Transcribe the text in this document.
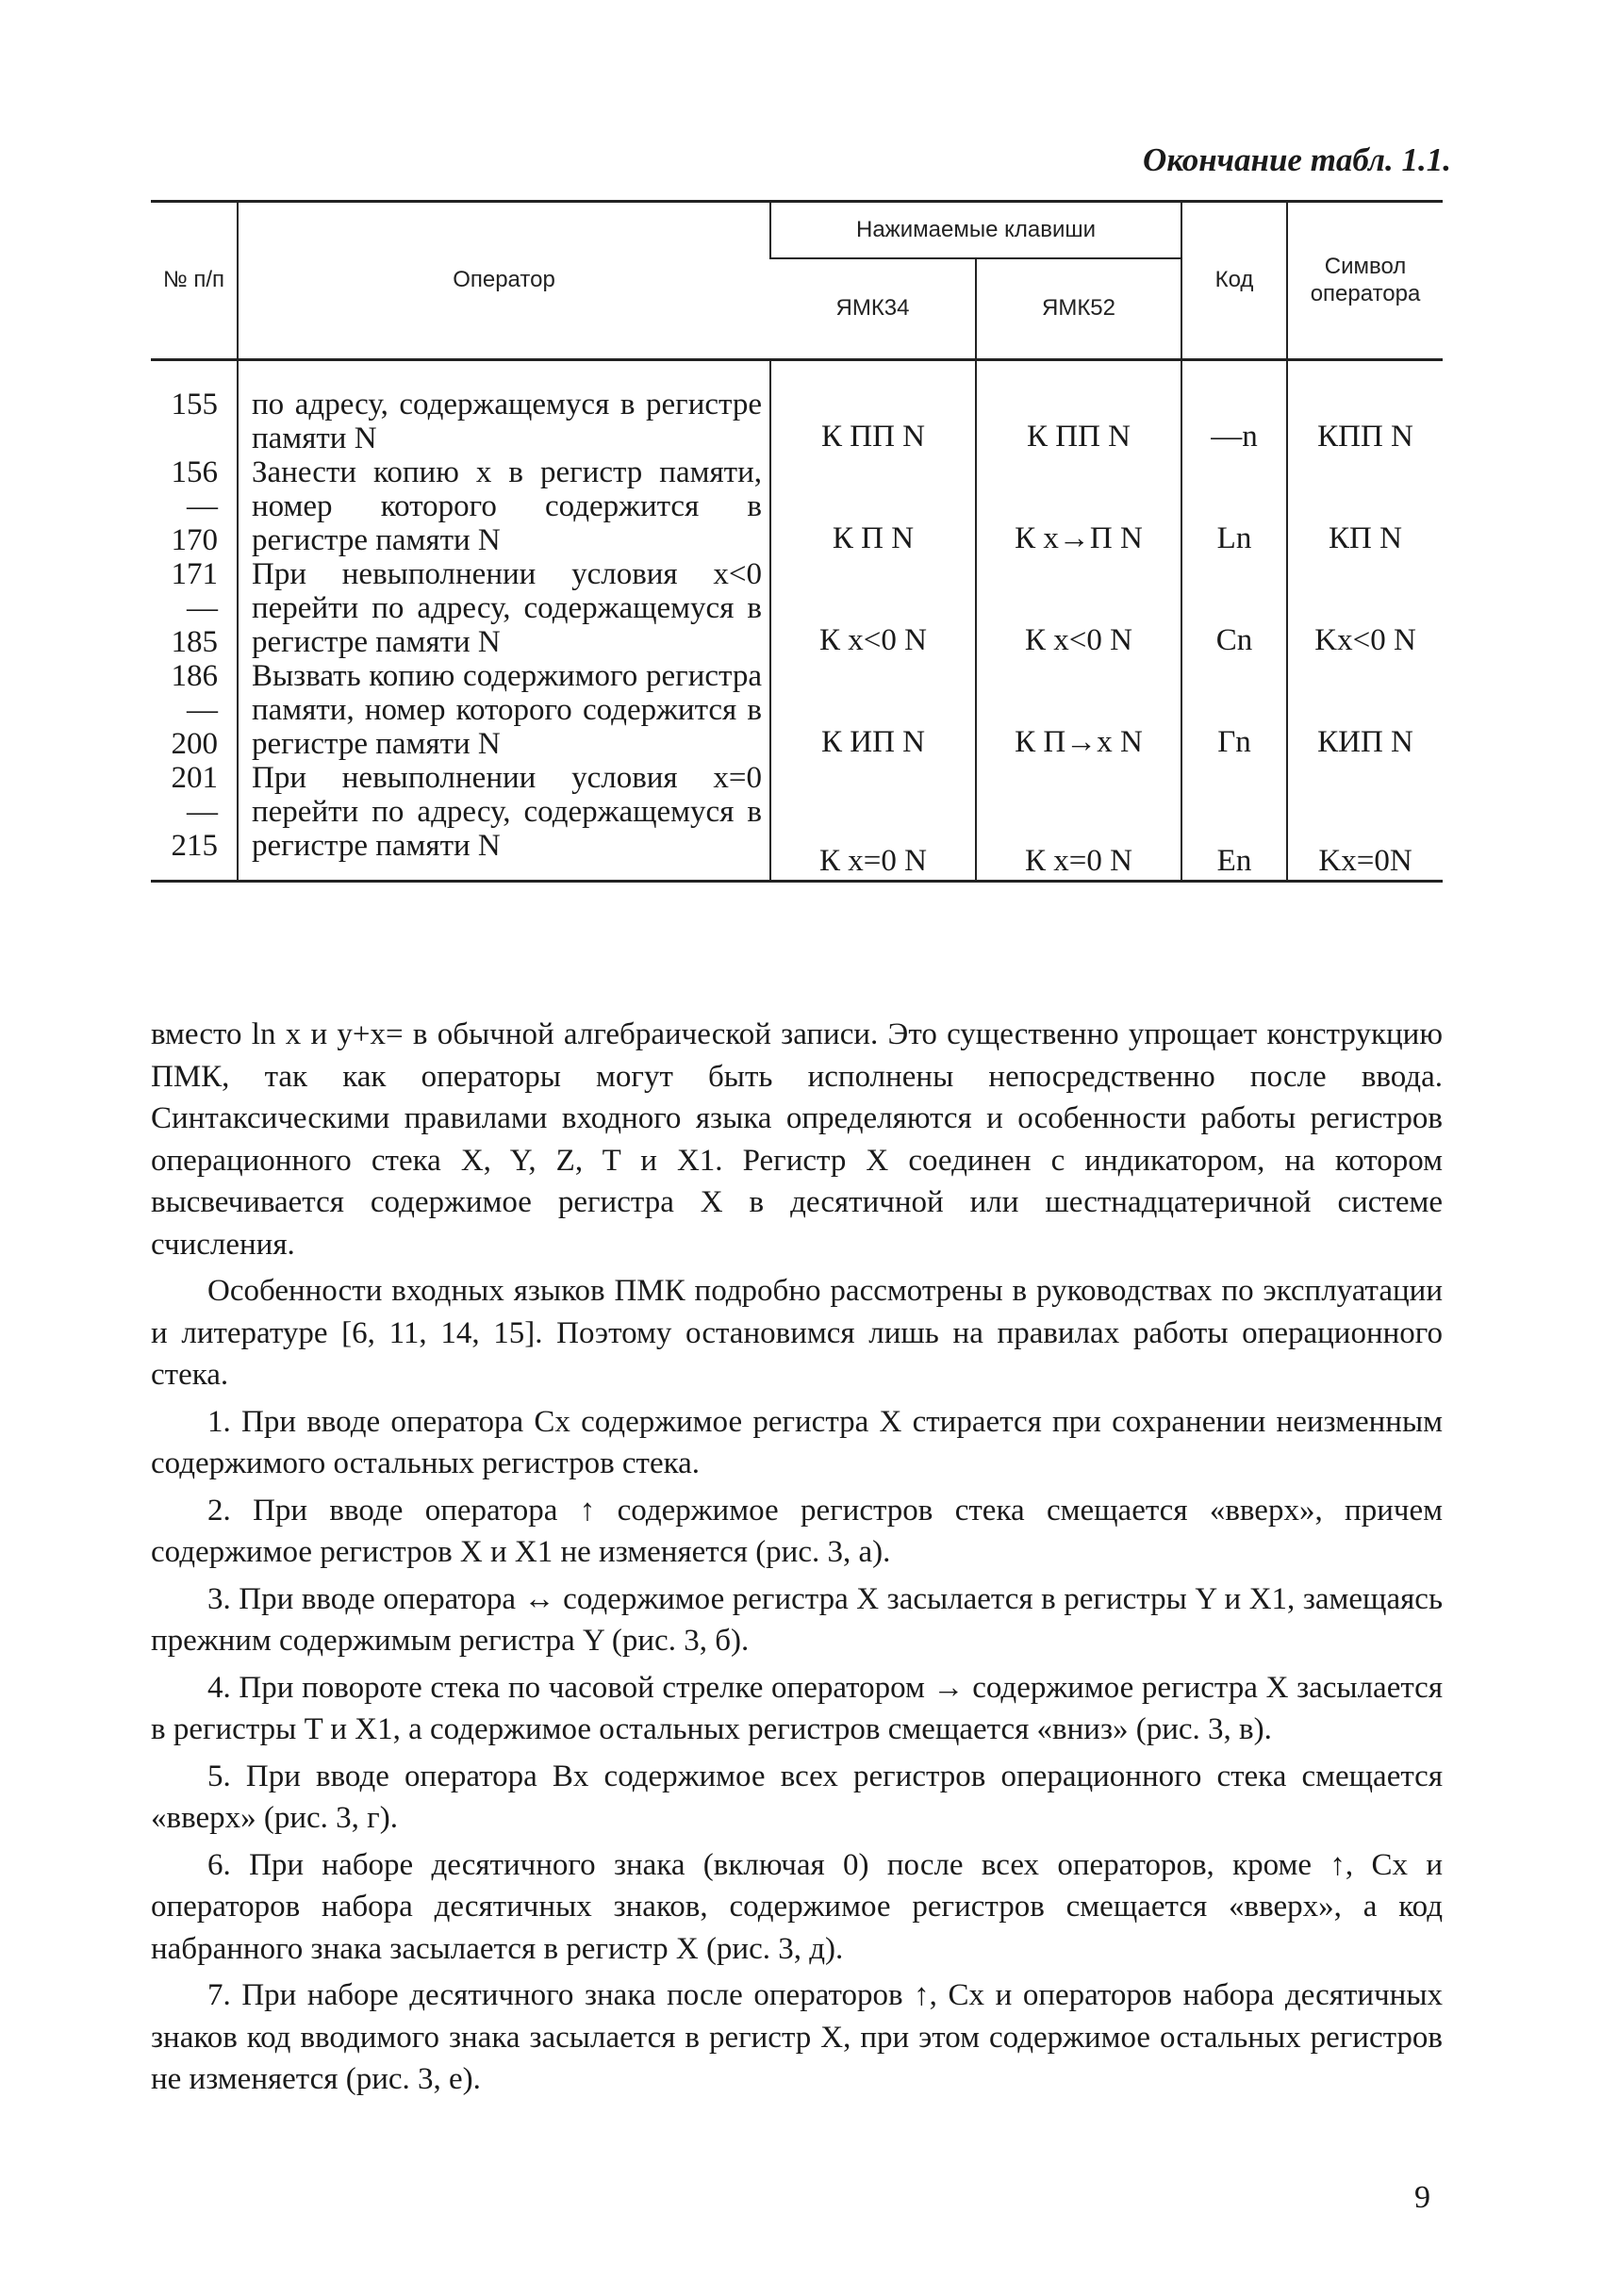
Окончание табл. 1.1.
№ п/п	Оператор	Нажимаемые клавиши		Код	Символ оператора
		ЯМК34	ЯМК52		

155	по адресу, содержащемуся в регистре памяти N	К ПП N	К ПП N	—n	КПП N

156—
170	Занести копию x в регистр памяти, номер которого содержится в регистре памяти N	К П N	К x→П N	Ln	КП N

171—
185	При невыполнении условия x<0 перейти по адресу, содержащемуся в регистре памяти N	К x<0 N	К x<0 N	Cn	Kx<0 N

186—
200	Вызвать копию содержимого регистра памяти, номер которого содержится в регистре памяти N	К ИП N	К П→x N	Гn	КИП N

201—
215	При невыполнении условия x=0 перейти по адресу, содержащемуся в регистре памяти N	К x=0 N	К x=0 N	En	Kx=0N

вместо ln x и y+x= в обычной алгебраической записи. Это существенно упрощает конструкцию ПМК, так как операторы могут быть исполнены непосредственно после ввода. Синтаксическими правилами входного языка определяются и особенности работы регистров операционного стека X, Y, Z, T и X1. Регистр X соединен с индикатором, на котором высвечивается содержимое регистра X в десятичной или шестнадцатеричной системе счисления.

Особенности входных языков ПМК подробно рассмотрены в руководствах по эксплуатации и литературе [6, 11, 14, 15]. Поэтому остановимся лишь на правилах работы операционного стека.

1. При вводе оператора Cx содержимое регистра X стирается при сохранении неизменным содержимого остальных регистров стека.

2. При вводе оператора ↑ содержимое регистров стека смещается «вверх», причем содержимое регистров X и X1 не изменяется (рис. 3, а).

3. При вводе оператора ↔ содержимое регистра X засылается в регистры Y и X1, замещаясь прежним содержимым регистра Y (рис. 3, б).

4. При повороте стека по часовой стрелке оператором → содержимое регистра X засылается в регистры T и X1, а содержимое остальных регистров смещается «вниз» (рис. 3, в).

5. При вводе оператора Bx содержимое всех регистров операционного стека смещается «вверх» (рис. 3, г).

6. При наборе десятичного знака (включая 0) после всех операторов, кроме ↑, Cx и операторов набора десятичных знаков, содержимое регистров смещается «вверх», а код набранного знака засылается в регистр X (рис. 3, д).

7. При наборе десятичного знака после операторов ↑, Cx и операторов набора десятичных знаков код вводимого знака засылается в регистр X, при этом содержимое остальных регистров не изменяется (рис. 3, е).

9
